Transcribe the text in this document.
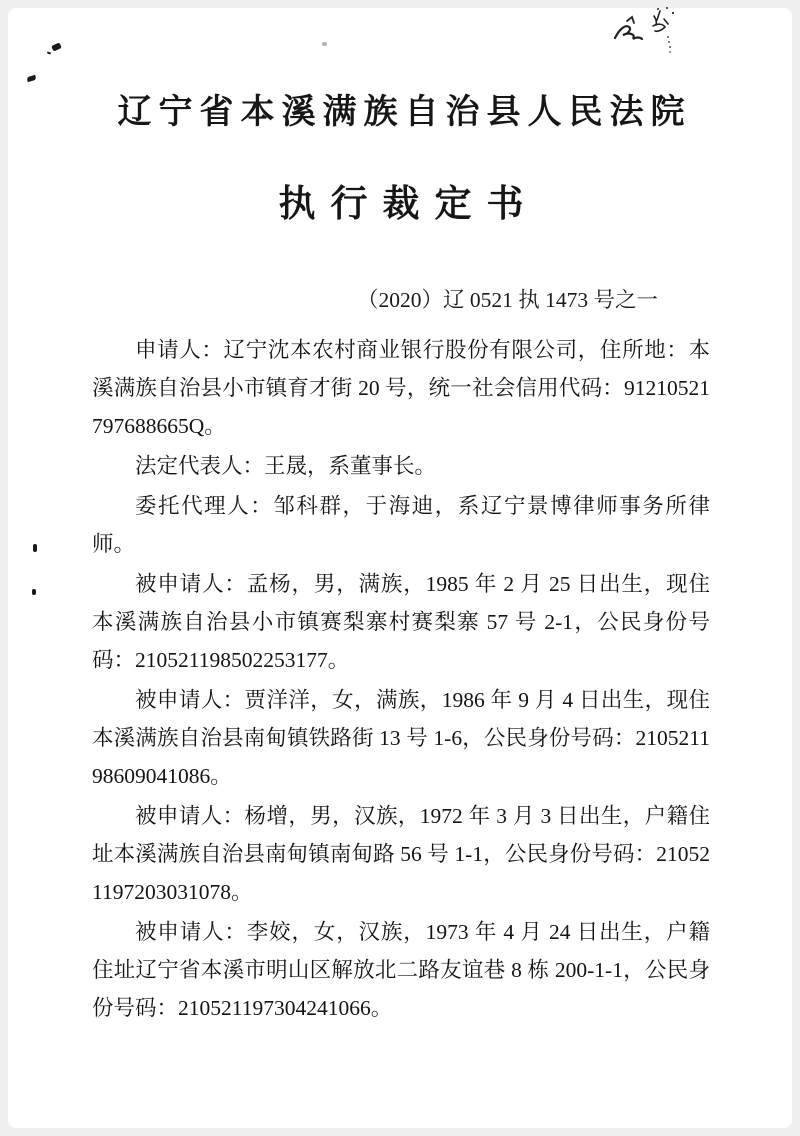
辽宁省本溪满族自治县人民法院
执行裁定书
（2020）辽 0521 执 1473 号之一

申请人：辽宁沈本农村商业银行股份有限公司，住所地：本溪满族自治县小市镇育才街 20 号，统一社会信用代码：91210521797688665Q。

法定代表人：王晟，系董事长。

委托代理人：邹科群，于海迪，系辽宁景博律师事务所律师。

被申请人：孟杨，男，满族，1985 年 2 月 25 日出生，现住本溪满族自治县小市镇赛梨寨村赛梨寨 57 号 2-1，公民身份号码：210521198502253177。

被申请人：贾洋洋，女，满族，1986 年 9 月 4 日出生，现住本溪满族自治县南甸镇铁路街 13 号 1-6，公民身份号码：210521198609041086。

被申请人：杨增，男，汉族，1972 年 3 月 3 日出生，户籍住址本溪满族自治县南甸镇南甸路 56 号 1-1，公民身份号码：210521197203031078。

被申请人：李姣，女，汉族，1973 年 4 月 24 日出生，户籍住址辽宁省本溪市明山区解放北二路友谊巷 8 栋 200-1-1，公民身份号码：210521197304241066。
